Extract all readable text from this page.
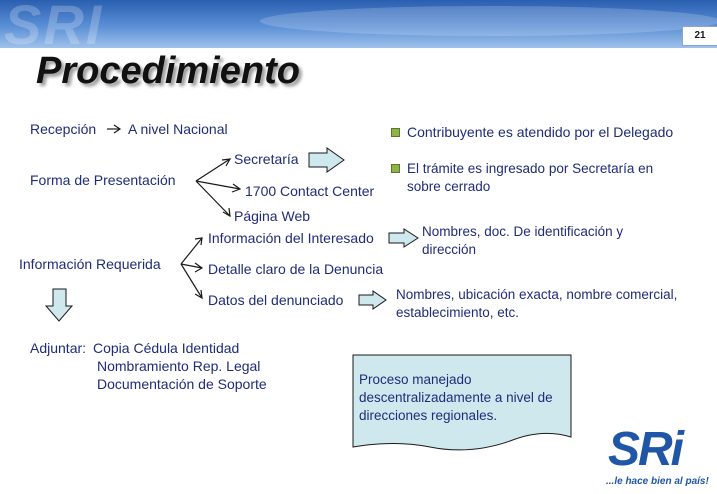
SRI	21
Procedimiento
Recepción A nivel Nacional
Forma de Presentación
Secretaría
1700 Contact Center
Página Web
Información Requerida
Información del Interesado
Detalle claro de la Denuncia
Datos del denunciado
Adjuntar: Copia Cédula Identidad
Nombramiento Rep. Legal
Documentación de Soporte
Contribuyente es atendido por el Delegado
El trámite es ingresado por Secretaría en sobre cerrado
Nombres, doc. De identificación y dirección
Nombres, ubicación exacta, nombre comercial, establecimiento, etc.
Proceso manejado descentralizadamente a nivel de direcciones regionales.
SRi
...le hace bien al país!
